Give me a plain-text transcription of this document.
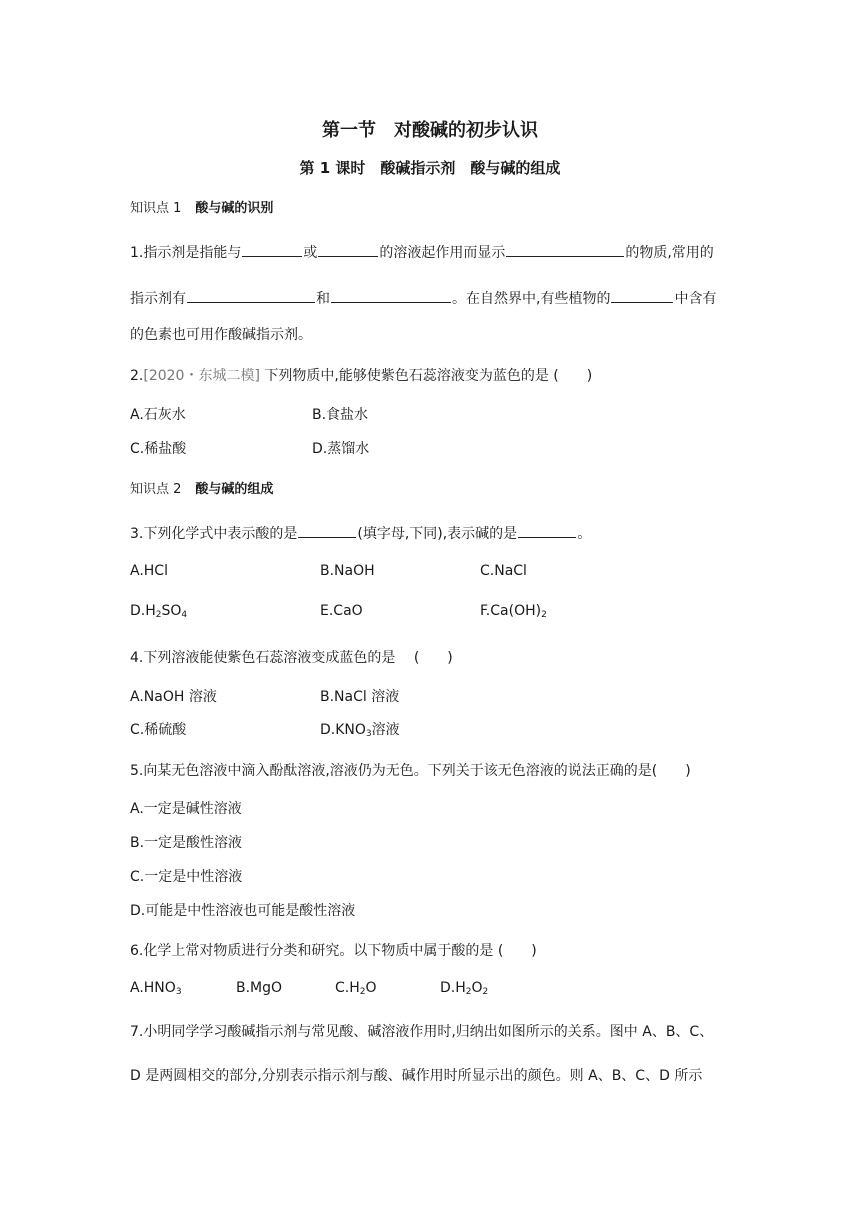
第一节　对酸碱的初步认识
第 1 课时　酸碱指示剂　酸与碱的组成
知识点 1 酸与碱的识别
1.指示剂是指能与	或	的溶液起作用而显示	的物质,常用的
指示剂有	和	。在自然界中,有些植物的	中含有
的色素也可用作酸碱指示剂。
2.[2020・东城二模] 下列物质中,能够使紫色石蕊溶液变为蓝色的是 (　　)
A.石灰水	B.食盐水
C.稀盐酸	D.蒸馏水
知识点 2 酸与碱的组成
3.下列化学式中表示酸的是	(填字母,下同),表示碱的是	。
A.HCl	B.NaOH	C.NaCl
$D.H_2SO_4$	E.CaO	$F.Ca(OH)_2$
4.下列溶液能使紫色石蕊溶液变成蓝色的是　 (　　)
A.NaOH 溶液	B.NaCl 溶液
C.稀硫酸	$D.KNO_3$溶液
5.向某无色溶液中滴入酚酞溶液,溶液仍为无色。下列关于该无色溶液的说法正确的是(　　)
A.一定是碱性溶液
B.一定是酸性溶液
C.一定是中性溶液
D.可能是中性溶液也可能是酸性溶液
6.化学上常对物质进行分类和研究。以下物质中属于酸的是 (　　)
$A.HNO_3$	B.MgO	$C.H_2O$	$D.H_2O_2$
7.小明同学学习酸碱指示剂与常见酸、碱溶液作用时,归纳出如图所示的关系。图中 A、B、C、
D 是两圆相交的部分,分别表示指示剂与酸、碱作用时所显示出的颜色。则 A、B、C、D 所示
